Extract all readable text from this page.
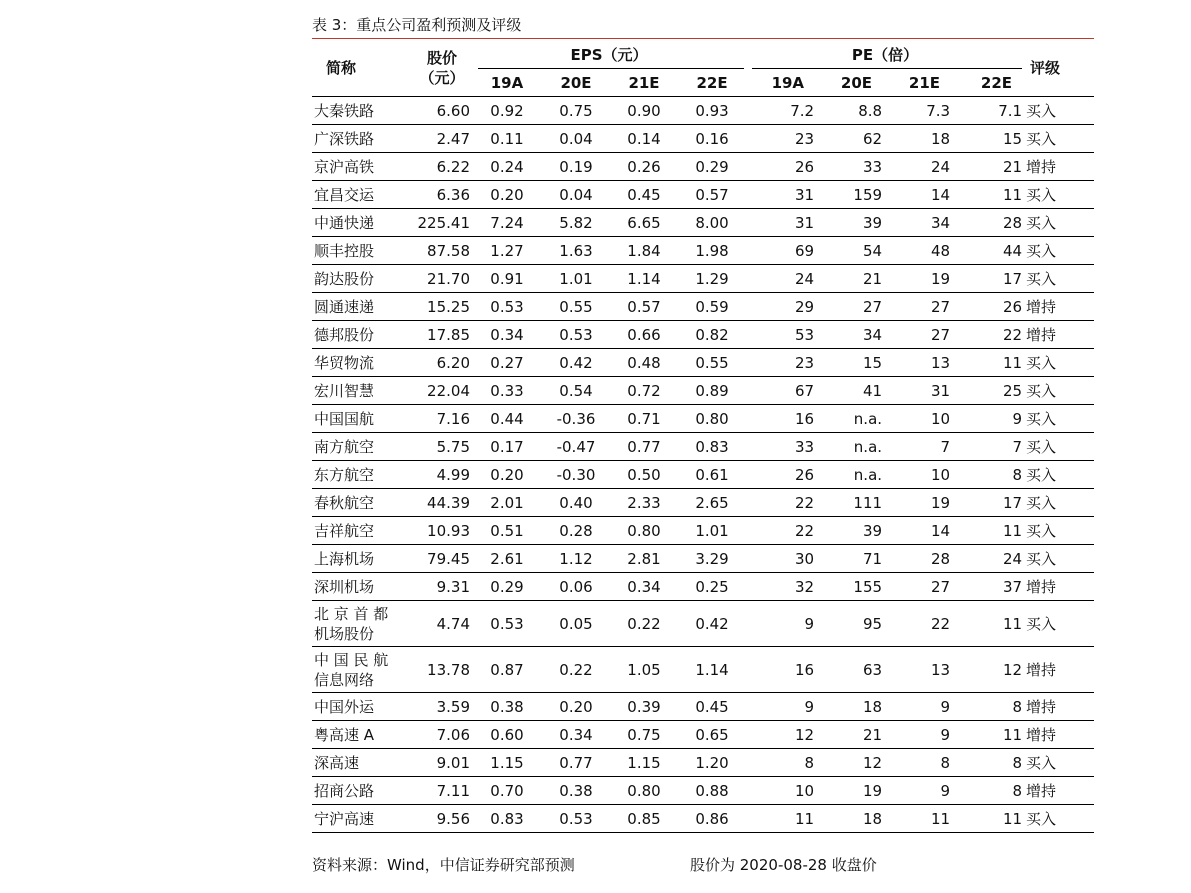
表 3：重点公司盈利预测及评级
简称	股价
（元）	EPS（元）				PE（倍）				评级
		19A	20E	21E	22E	19A	20E	21E	22E	
大秦铁路	6.60	0.92	0.75	0.90	0.93	7.2	8.8	7.3	7.1	买入
广深铁路	2.47	0.11	0.04	0.14	0.16	23	62	18	15	买入
京沪高铁	6.22	0.24	0.19	0.26	0.29	26	33	24	21	增持
宜昌交运	6.36	0.20	0.04	0.45	0.57	31	159	14	11	买入
中通快递	225.41	7.24	5.82	6.65	8.00	31	39	34	28	买入
顺丰控股	87.58	1.27	1.63	1.84	1.98	69	54	48	44	买入
韵达股份	21.70	0.91	1.01	1.14	1.29	24	21	19	17	买入
圆通速递	15.25	0.53	0.55	0.57	0.59	29	27	27	26	增持
德邦股份	17.85	0.34	0.53	0.66	0.82	53	34	27	22	增持
华贸物流	6.20	0.27	0.42	0.48	0.55	23	15	13	11	买入
宏川智慧	22.04	0.33	0.54	0.72	0.89	67	41	31	25	买入
中国国航	7.16	0.44	-0.36	0.71	0.80	16	n.a.	10	9	买入
南方航空	5.75	0.17	-0.47	0.77	0.83	33	n.a.	7	7	买入
东方航空	4.99	0.20	-0.30	0.50	0.61	26	n.a.	10	8	买入
春秋航空	44.39	2.01	0.40	2.33	2.65	22	111	19	17	买入
吉祥航空	10.93	0.51	0.28	0.80	1.01	22	39	14	11	买入
上海机场	79.45	2.61	1.12	2.81	3.29	30	71	28	24	买入
深圳机场	9.31	0.29	0.06	0.34	0.25	32	155	27	37	增持

北 京 首 都
机场股份	4.74	0.53	0.05	0.22	0.42	9	95	22	11	买入

中 国 民 航
信息网络	13.78	0.87	0.22	1.05	1.14	16	63	13	12	增持
中国外运	3.59	0.38	0.20	0.39	0.45	9	18	9	8	增持
粤高速 A	7.06	0.60	0.34	0.75	0.65	12	21	9	11	增持
深高速	9.01	1.15	0.77	1.15	1.20	8	12	8	8	买入
招商公路	7.11	0.70	0.38	0.80	0.88	10	19	9	8	增持
宁沪高速	9.56	0.83	0.53	0.85	0.86	11	18	11	11	买入
资料来源：Wind，中信证券研究部预测	股价为 2020-08-28 收盘价
